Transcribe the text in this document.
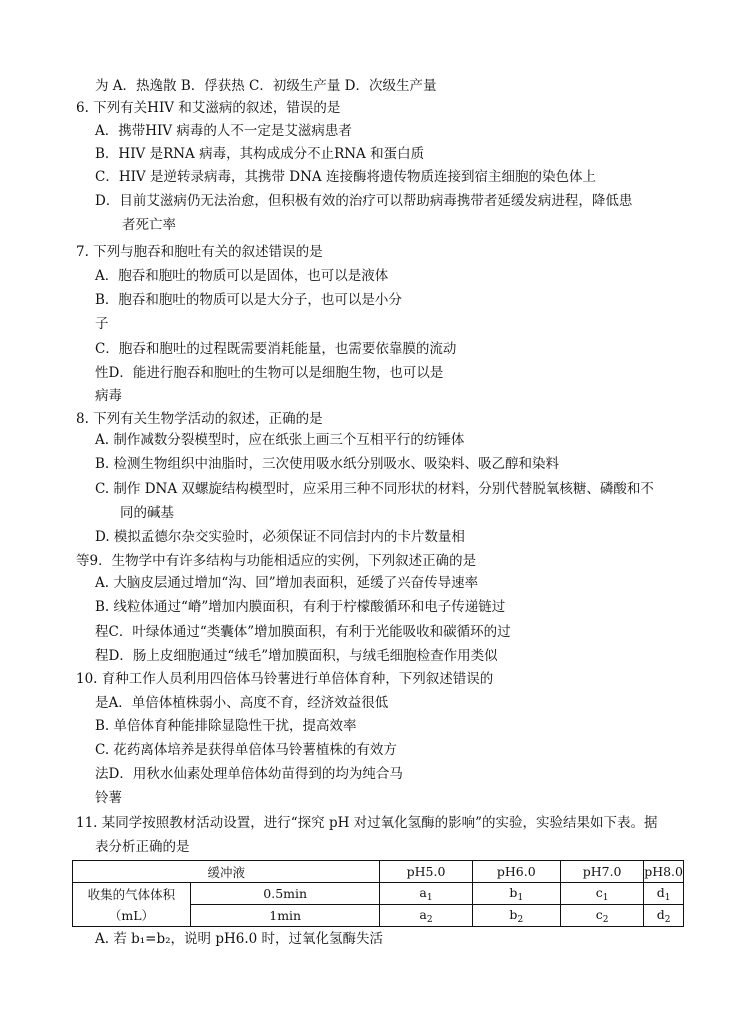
为 A．热逸散 B．俘获热 C．初级生产量 D．次级生产量
6. 下列有关HIV 和艾滋病的叙述，错误的是
A．携带HIV 病毒的人不一定是艾滋病患者
B．HIV 是RNA 病毒，其构成成分不止RNA 和蛋白质
C．HIV 是逆转录病毒，其携带 DNA 连接酶将遗传物质连接到宿主细胞的染色体上
D．目前艾滋病仍无法治愈，但积极有效的治疗可以帮助病毒携带者延缓发病进程，降低患
者死亡率
7. 下列与胞吞和胞吐有关的叙述错误的是
A．胞吞和胞吐的物质可以是固体，也可以是液体
B．胞吞和胞吐的物质可以是大分子，也可以是小分
子
C．胞吞和胞吐的过程既需要消耗能量，也需要依靠膜的流动
性D．能进行胞吞和胞吐的生物可以是细胞生物，也可以是
病毒
8. 下列有关生物学活动的叙述，正确的是
A. 制作减数分裂模型时，应在纸张上画三个互相平行的纺锤体
B. 检测生物组织中油脂时，三次使用吸水纸分别吸水、吸染料、吸乙醇和染料
C. 制作 DNA 双螺旋结构模型时，应采用三种不同形状的材料，分别代替脱氧核糖、磷酸和不
同的碱基
D. 模拟孟德尔杂交实验时，必须保证不同信封内的卡片数量相
等9．生物学中有许多结构与功能相适应的实例，下列叙述正确的是
A. 大脑皮层通过增加“沟、回”增加表面积，延缓了兴奋传导速率
B. 线粒体通过“嵴”增加内膜面积，有利于柠檬酸循环和电子传递链过
程C．叶绿体通过“类囊体”增加膜面积，有利于光能吸收和碳循环的过
程D．肠上皮细胞通过“绒毛”增加膜面积，与绒毛细胞检查作用类似
10. 育种工作人员利用四倍体马铃薯进行单倍体育种，下列叙述错误的
是A．单倍体植株弱小、高度不育，经济效益很低
B. 单倍体育种能排除显隐性干扰，提高效率
C. 花药离体培养是获得单倍体马铃薯植株的有效方
法D．用秋水仙素处理单倍体幼苗得到的均为纯合马
铃薯
11. 某同学按照教材活动设置，进行“探究 pH 对过氧化氢酶的影响”的实验，实验结果如下表。据
表分析正确的是
缓冲液		pH5.0	pH6.0	pH7.0	pH8.0

收集的气体体积
（mL）	0.5min	$a_1$	$b_1$	$c_1$	$d_1$
	1min	$a_2$	$b_2$	$c_2$	$d_2$
A. 若 b₁=b₂，说明 pH6.0 时，过氧化氢酶失活
